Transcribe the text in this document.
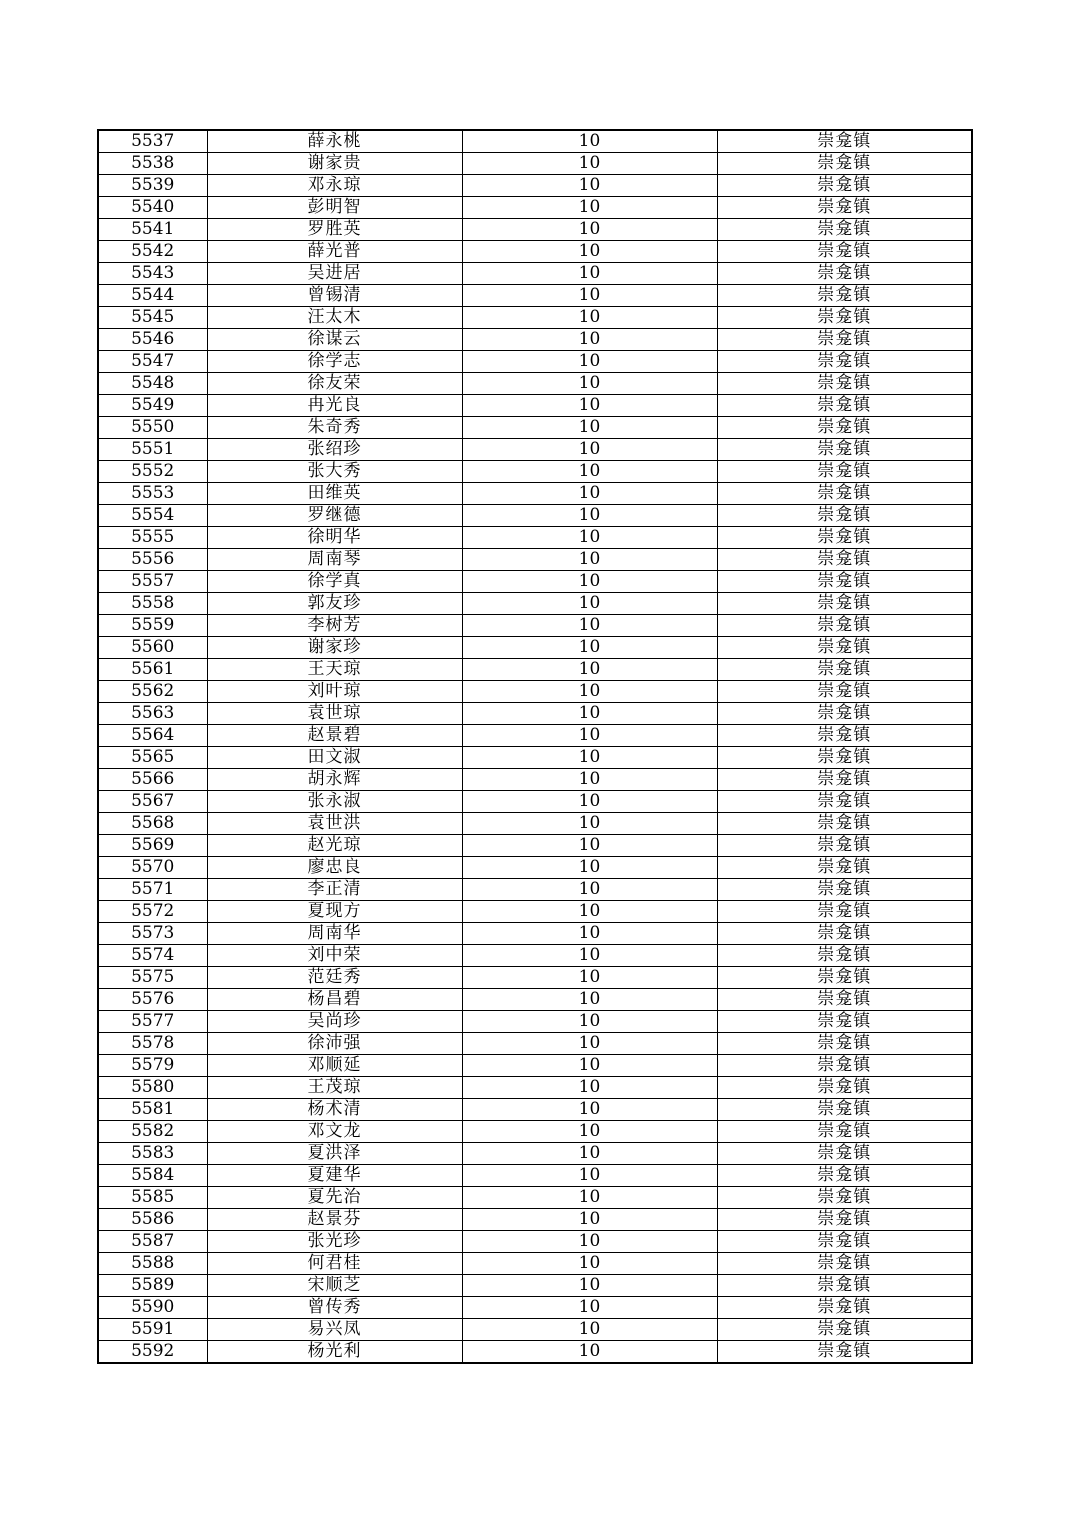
5537	薛永桃	10	崇龛镇
5538	谢家贵	10	崇龛镇
5539	邓永琼	10	崇龛镇
5540	彭明智	10	崇龛镇
5541	罗胜英	10	崇龛镇
5542	薛光普	10	崇龛镇
5543	吴进居	10	崇龛镇
5544	曾锡清	10	崇龛镇
5545	汪太木	10	崇龛镇
5546	徐谋云	10	崇龛镇
5547	徐学志	10	崇龛镇
5548	徐友荣	10	崇龛镇
5549	冉光良	10	崇龛镇
5550	朱奇秀	10	崇龛镇
5551	张绍珍	10	崇龛镇
5552	张大秀	10	崇龛镇
5553	田维英	10	崇龛镇
5554	罗继德	10	崇龛镇
5555	徐明华	10	崇龛镇
5556	周南琴	10	崇龛镇
5557	徐学真	10	崇龛镇
5558	郭友珍	10	崇龛镇
5559	李树芳	10	崇龛镇
5560	谢家珍	10	崇龛镇
5561	王天琼	10	崇龛镇
5562	刘叶琼	10	崇龛镇
5563	袁世琼	10	崇龛镇
5564	赵景碧	10	崇龛镇
5565	田文淑	10	崇龛镇
5566	胡永辉	10	崇龛镇
5567	张永淑	10	崇龛镇
5568	袁世洪	10	崇龛镇
5569	赵光琼	10	崇龛镇
5570	廖忠良	10	崇龛镇
5571	李正清	10	崇龛镇
5572	夏现方	10	崇龛镇
5573	周南华	10	崇龛镇
5574	刘中荣	10	崇龛镇
5575	范廷秀	10	崇龛镇
5576	杨昌碧	10	崇龛镇
5577	吴尚珍	10	崇龛镇
5578	徐沛强	10	崇龛镇
5579	邓顺延	10	崇龛镇
5580	王茂琼	10	崇龛镇
5581	杨术清	10	崇龛镇
5582	邓文龙	10	崇龛镇
5583	夏洪泽	10	崇龛镇
5584	夏建华	10	崇龛镇
5585	夏先治	10	崇龛镇
5586	赵景芬	10	崇龛镇
5587	张光珍	10	崇龛镇
5588	何君桂	10	崇龛镇
5589	宋顺芝	10	崇龛镇
5590	曾传秀	10	崇龛镇
5591	易兴凤	10	崇龛镇
5592	杨光利	10	崇龛镇
